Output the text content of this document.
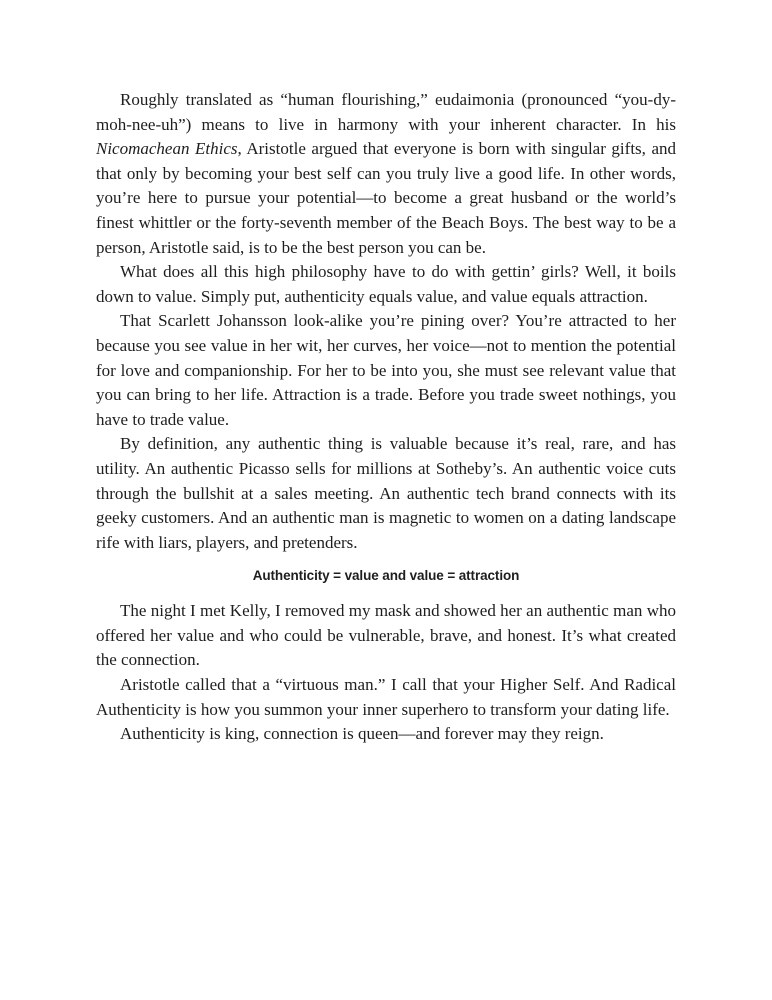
Roughly translated as “human flourishing,” eudaimonia (pronounced “you-dy-moh-nee-uh”) means to live in harmony with your inherent character. In his Nicomachean Ethics, Aristotle argued that everyone is born with singular gifts, and that only by becoming your best self can you truly live a good life. In other words, you’re here to pursue your potential—to become a great husband or the world’s finest whittler or the forty-seventh member of the Beach Boys. The best way to be a person, Aristotle said, is to be the best person you can be.

What does all this high philosophy have to do with gettin’ girls? Well, it boils down to value. Simply put, authenticity equals value, and value equals attraction.

That Scarlett Johansson look-alike you’re pining over? You’re attracted to her because you see value in her wit, her curves, her voice—not to mention the potential for love and companionship. For her to be into you, she must see relevant value that you can bring to her life. Attraction is a trade. Before you trade sweet nothings, you have to trade value.

By definition, any authentic thing is valuable because it’s real, rare, and has utility. An authentic Picasso sells for millions at Sotheby’s. An authentic voice cuts through the bullshit at a sales meeting. An authentic tech brand connects with its geeky customers. And an authentic man is magnetic to women on a dating landscape rife with liars, players, and pretenders.

Authenticity = value and value = attraction

The night I met Kelly, I removed my mask and showed her an authentic man who offered her value and who could be vulnerable, brave, and honest. It’s what created the connection.

Aristotle called that a “virtuous man.” I call that your Higher Self. And Radical Authenticity is how you summon your inner superhero to transform your dating life.

Authenticity is king, connection is queen—and forever may they reign.
